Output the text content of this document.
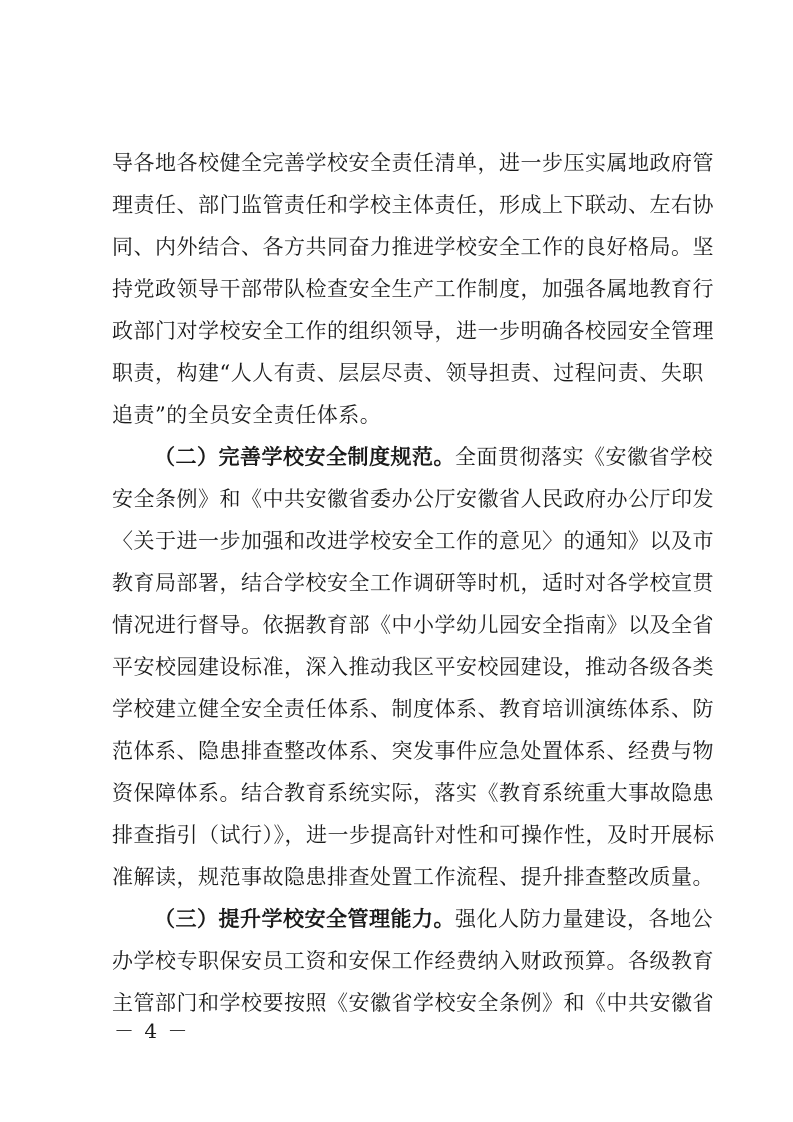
导各地各校健全完善学校安全责任清单，进一步压实属地政府管
理责任、部门监管责任和学校主体责任，形成上下联动、左右协
同、内外结合、各方共同奋力推进学校安全工作的良好格局。坚
持党政领导干部带队检查安全生产工作制度，加强各属地教育行
政部门对学校安全工作的组织领导，进一步明确各校园安全管理
职责，构建“人人有责、层层尽责、领导担责、过程问责、失职
追责”的全员安全责任体系。
（二）完善学校安全制度规范。全面贯彻落实《安徽省学校
安全条例》和《中共安徽省委办公厅安徽省人民政府办公厅印发
〈关于进一步加强和改进学校安全工作的意见〉的通知》以及市
教育局部署，结合学校安全工作调研等时机，适时对各学校宣贯
情况进行督导。依据教育部《中小学幼儿园安全指南》以及全省
平安校园建设标准，深入推动我区平安校园建设，推动各级各类
学校建立健全安全责任体系、制度体系、教育培训演练体系、防
范体系、隐患排查整改体系、突发事件应急处置体系、经费与物
资保障体系。结合教育系统实际，落实《教育系统重大事故隐患
排查指引（试行）》，进一步提高针对性和可操作性，及时开展标
准解读，规范事故隐患排查处置工作流程、提升排查整改质量。
（三）提升学校安全管理能力。强化人防力量建设，各地公
办学校专职保安员工资和安保工作经费纳入财政预算。各级教育
主管部门和学校要按照《安徽省学校安全条例》和《中共安徽省
－ 4 －
